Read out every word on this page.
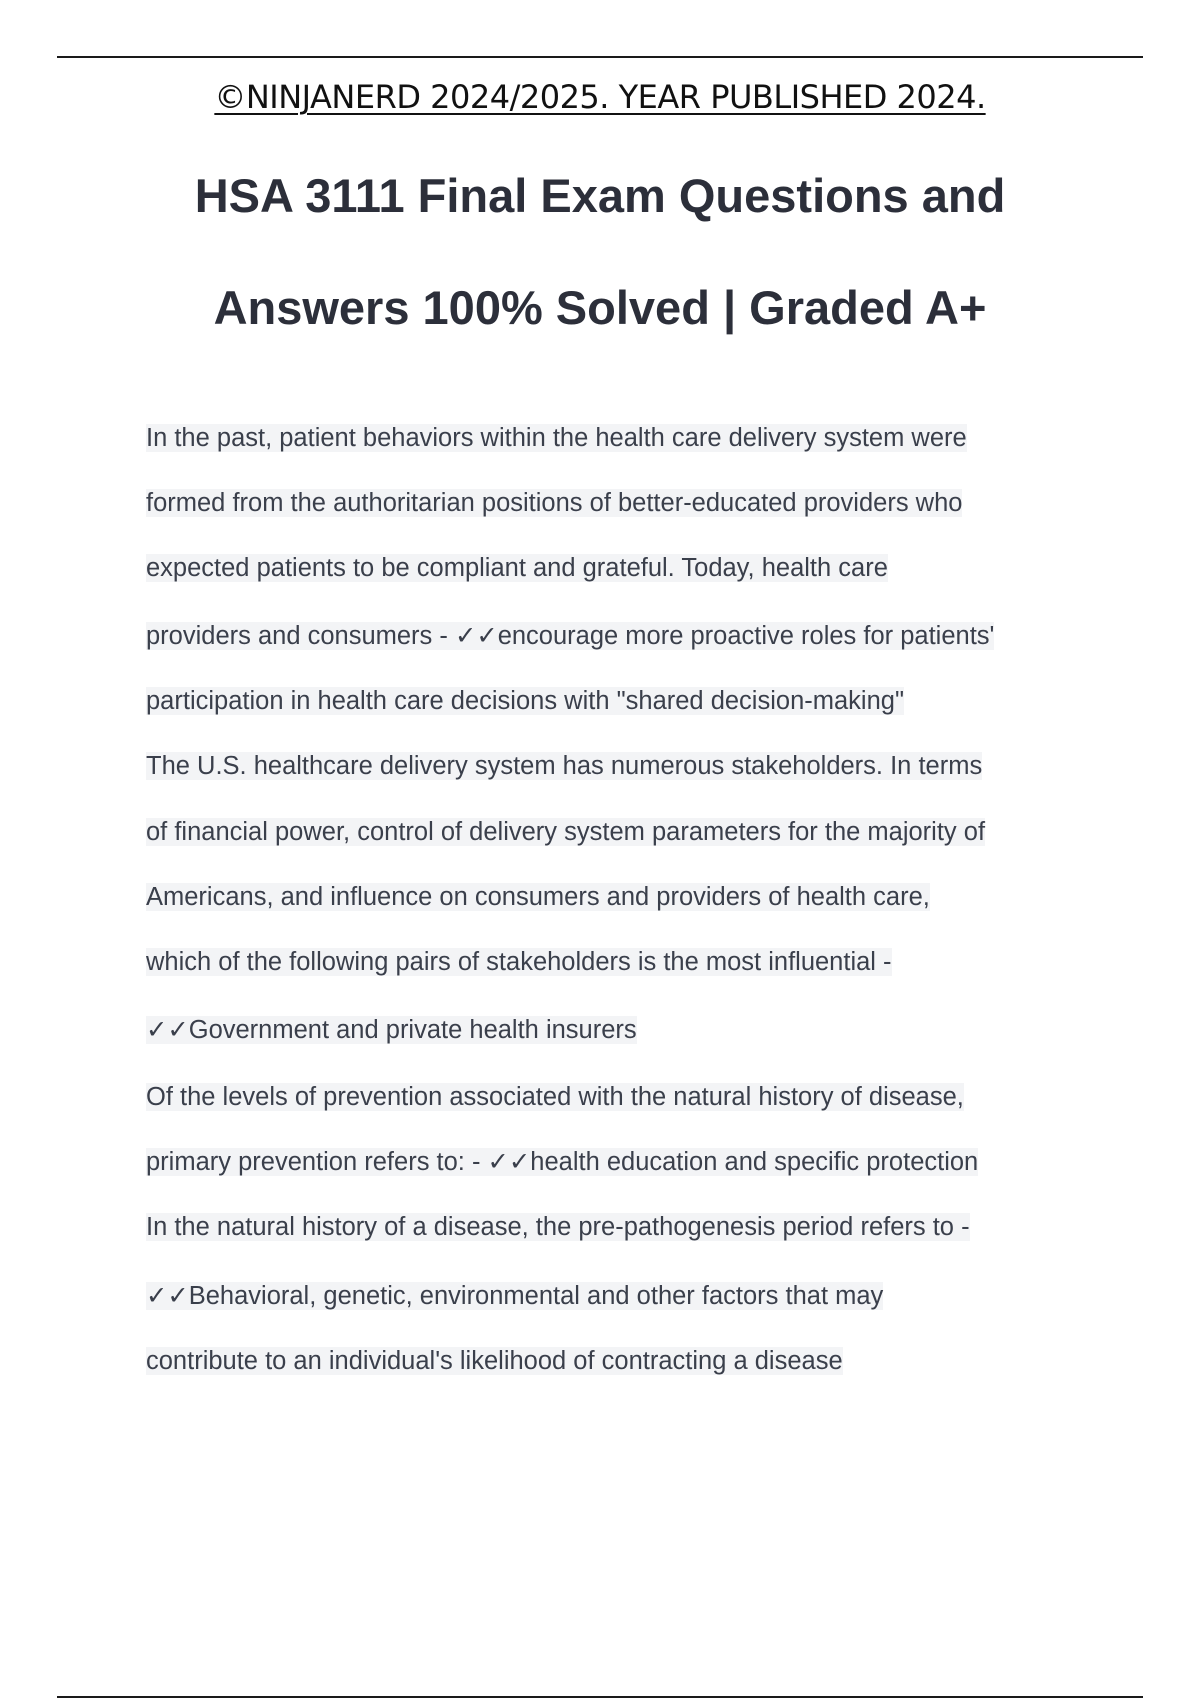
©NINJANERD 2024/2025. YEAR PUBLISHED 2024.
HSA 3111 Final Exam Questions and
Answers 100% Solved | Graded A+
In the past, patient behaviors within the health care delivery system were
formed from the authoritarian positions of better-educated providers who
expected patients to be compliant and grateful. Today, health care
providers and consumers - ✓✓encourage more proactive roles for patients'
participation in health care decisions with "shared decision-making"
The U.S. healthcare delivery system has numerous stakeholders. In terms
of financial power, control of delivery system parameters for the majority of
Americans, and influence on consumers and providers of health care,
which of the following pairs of stakeholders is the most influential -
✓✓Government and private health insurers
Of the levels of prevention associated with the natural history of disease,
primary prevention refers to: - ✓✓health education and specific protection
In the natural history of a disease, the pre-pathogenesis period refers to -
✓✓Behavioral, genetic, environmental and other factors that may
contribute to an individual's likelihood of contracting a disease
